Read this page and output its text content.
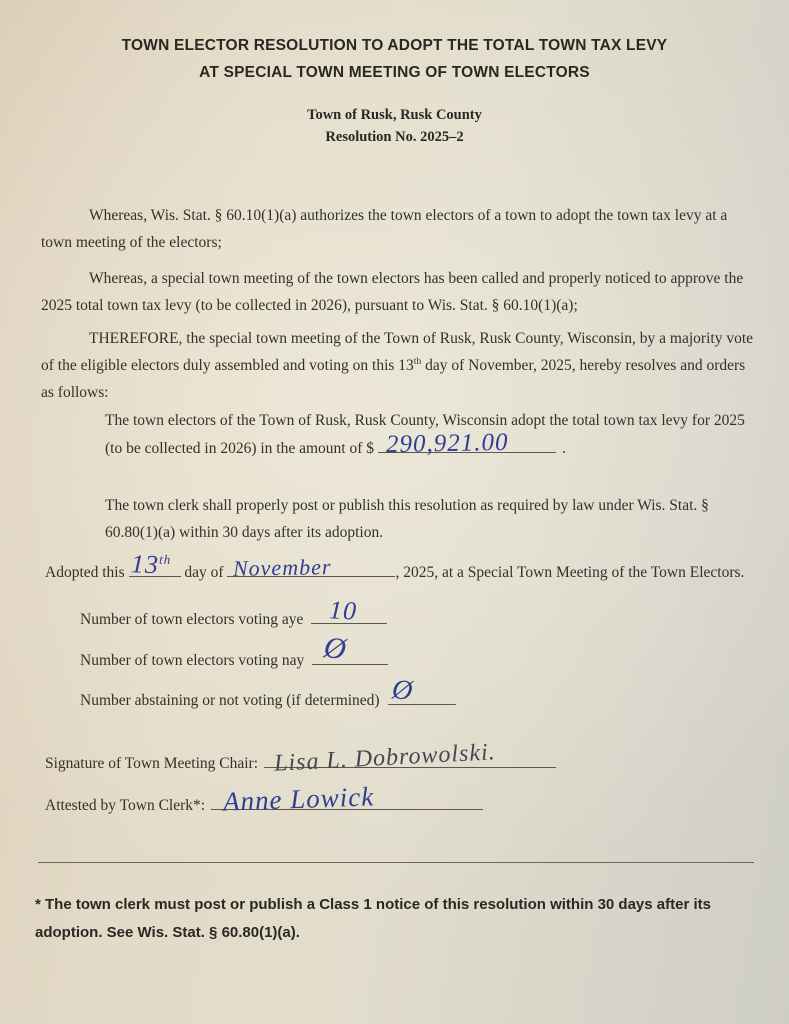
TOWN ELECTOR RESOLUTION TO ADOPT THE TOTAL TOWN TAX LEVY
AT SPECIAL TOWN MEETING OF TOWN ELECTORS
Town of Rusk, Rusk County
Resolution No. 2025–2

Whereas, Wis. Stat. § 60.10(1)(a) authorizes the town electors of a town to adopt the town tax levy at a town meeting of the electors;

Whereas, a special town meeting of the town electors has been called and properly noticed to approve the 2025 total town tax levy (to be collected in 2026), pursuant to Wis. Stat. § 60.10(1)(a);

THEREFORE, the special town meeting of the Town of Rusk, Rusk County, Wisconsin, by a majority vote of the eligible electors duly assembled and voting on this 13th day of November, 2025, hereby resolves and orders as follows:

The town electors of the Town of Rusk, Rusk County, Wisconsin adopt the total town tax levy for 2025 (to be collected in 2026) in the amount of $ 290,921.00	.

The town clerk shall properly post or publish this resolution as required by law under Wis. Stat. § 60.80(1)(a) within 30 days after its adoption.

Adopted this 13th
day of November	, 2025, at a Special Town Meeting of the Town Electors.
Number of town electors voting aye 10
Number of town electors voting nay Ø
Number abstaining or not voting (if determined) Ø
Signature of Town Meeting Chair: Lisa L. Dobrowolski.
Attested by Town Clerk*: Anne Lowick

* The town clerk must post or publish a Class 1 notice of this resolution within 30 days after its adoption. See Wis. Stat. § 60.80(1)(a).
